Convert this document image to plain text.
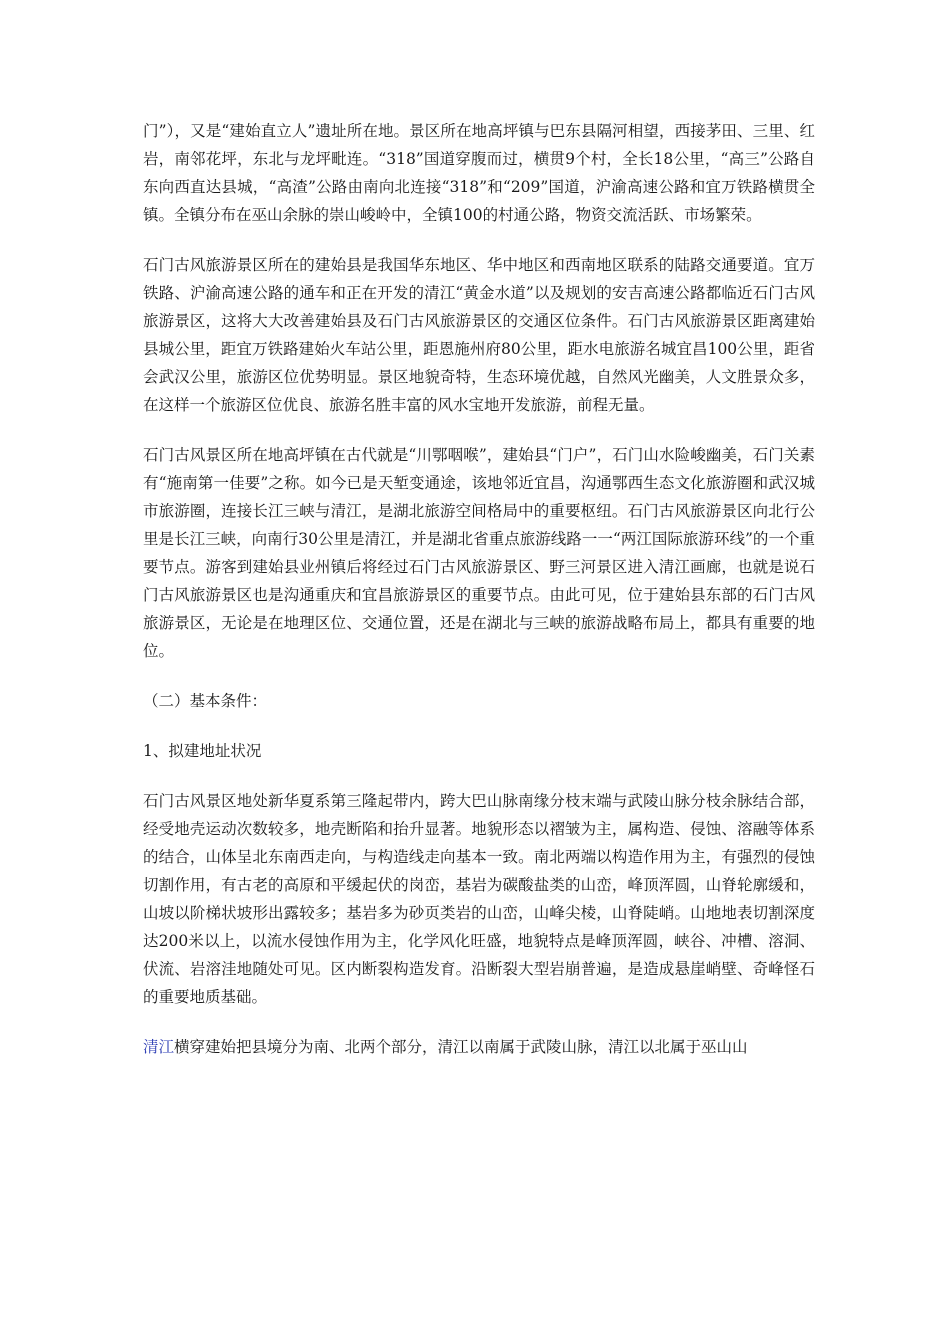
门”），又是“建始直立人”遗址所在地。景区所在地高坪镇与巴东县隔河相望，西接茅田、三里、红岩，南邻花坪，东北与龙坪毗连。“318”国道穿腹而过，横贯9个村，全长18公里，“高三”公路自东向西直达县城，“高渣”公路由南向北连接“318”和“209”国道，沪渝高速公路和宜万铁路横贯全镇。全镇分布在巫山余脉的崇山峻岭中，全镇100的村通公路，物资交流活跃、市场繁荣。

石门古风旅游景区所在的建始县是我国华东地区、华中地区和西南地区联系的陆路交通要道。宜万铁路、沪渝高速公路的通车和正在开发的清江“黄金水道”以及规划的安吉高速公路都临近石门古风旅游景区，这将大大改善建始县及石门古风旅游景区的交通区位条件。石门古风旅游景区距离建始县城公里，距宜万铁路建始火车站公里，距恩施州府80公里，距水电旅游名城宜昌100公里，距省会武汉公里，旅游区位优势明显。景区地貌奇特，生态环境优越，自然风光幽美，人文胜景众多，在这样一个旅游区位优良、旅游名胜丰富的风水宝地开发旅游，前程无量。

石门古风景区所在地高坪镇在古代就是“川鄂咽喉”，建始县“门户”，石门山水险峻幽美，石门关素有“施南第一佳要”之称。如今已是天堑变通途，该地邻近宜昌，沟通鄂西生态文化旅游圈和武汉城市旅游圈，连接长江三峡与清江，是湖北旅游空间格局中的重要枢纽。石门古风旅游景区向北行公里是长江三峡，向南行30公里是清江，并是湖北省重点旅游线路一一“两江国际旅游环线”的一个重要节点。游客到建始县业州镇后将经过石门古风旅游景区、野三河景区进入清江画廊，也就是说石门古风旅游景区也是沟通重庆和宜昌旅游景区的重要节点。由此可见，位于建始县东部的石门古风旅游景区，无论是在地理区位、交通位置，还是在湖北与三峡的旅游战略布局上，都具有重要的地位。

（二）基本条件：

1、拟建地址状况

石门古风景区地处新华夏系第三隆起带内，跨大巴山脉南缘分枝末端与武陵山脉分枝余脉结合部，经受地壳运动次数较多，地壳断陷和抬升显著。地貌形态以褶皱为主，属构造、侵蚀、溶融等体系的结合，山体呈北东南西走向，与构造线走向基本一致。南北两端以构造作用为主，有强烈的侵蚀切割作用，有古老的高原和平缓起伏的岗峦，基岩为碳酸盐类的山峦，峰顶浑圆，山脊轮廓缓和，山坡以阶梯状坡形出露较多；基岩多为砂页类岩的山峦，山峰尖棱，山脊陡峭。山地地表切割深度达200米以上，以流水侵蚀作用为主，化学风化旺盛，地貌特点是峰顶浑圆，峡谷、冲槽、溶洞、伏流、岩溶洼地随处可见。区内断裂构造发育。沿断裂大型岩崩普遍，是造成悬崖峭壁、奇峰怪石的重要地质基础。

清江横穿建始把县境分为南、北两个部分，清江以南属于武陵山脉，清江以北属于巫山山
